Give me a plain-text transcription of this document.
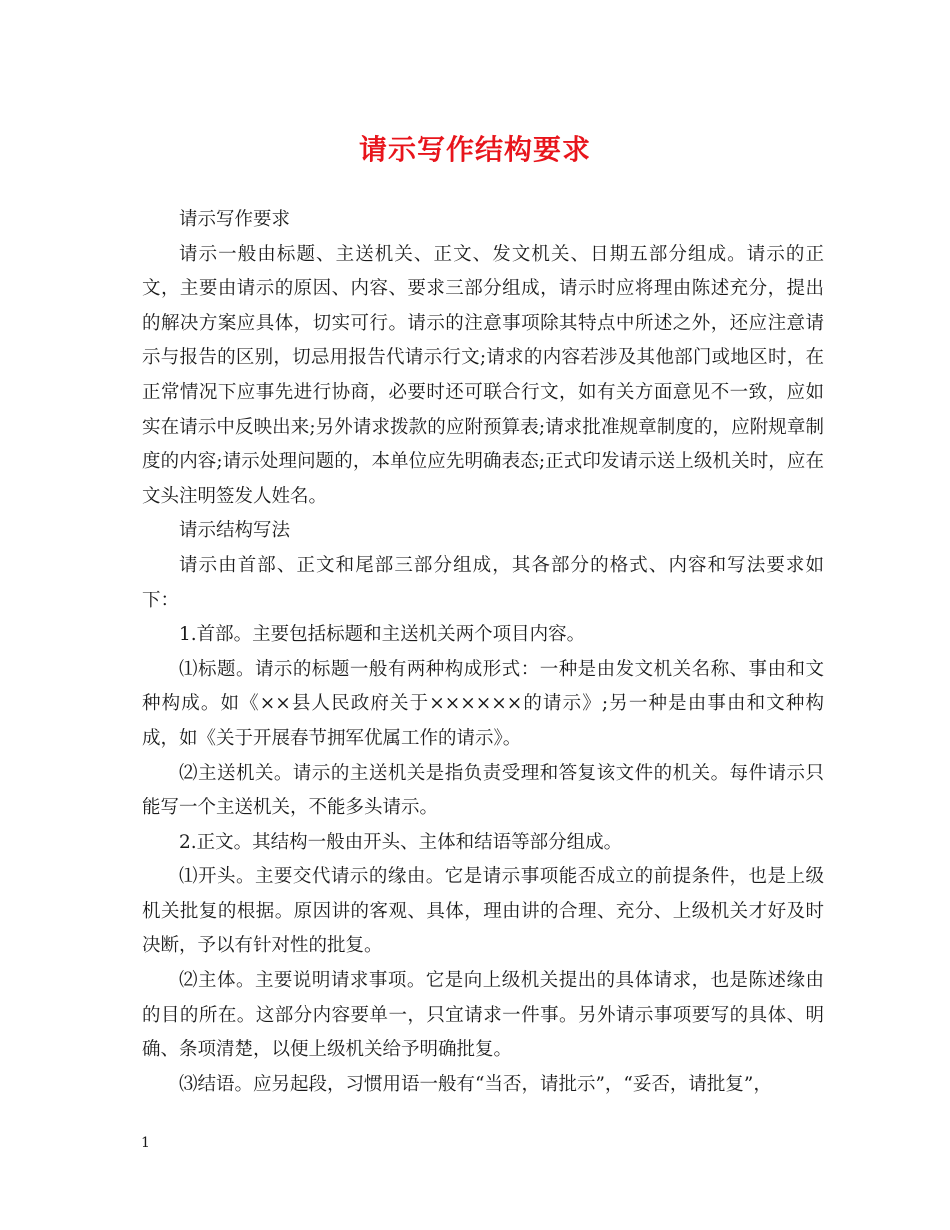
请示写作结构要求

请示写作要求

请示一般由标题、主送机关、正文、发文机关、日期五部分组成。请示的正文，主要由请示的原因、内容、要求三部分组成，请示时应将理由陈述充分，提出的解决方案应具体，切实可行。请示的注意事项除其特点中所述之外，还应注意请示与报告的区别，切忌用报告代请示行文;请求的内容若涉及其他部门或地区时，在正常情况下应事先进行协商，必要时还可联合行文，如有关方面意见不一致，应如实在请示中反映出来;另外请求拨款的应附预算表;请求批准规章制度的，应附规章制度的内容;请示处理问题的，本单位应先明确表态;正式印发请示送上级机关时，应在文头注明签发人姓名。

请示结构写法

请示由首部、正文和尾部三部分组成，其各部分的格式、内容和写法要求如下：

1.首部。主要包括标题和主送机关两个项目内容。

⑴标题。请示的标题一般有两种构成形式：一种是由发文机关名称、事由和文种构成。如《××县人民政府关于××××××的请示》;另一种是由事由和文种构成，如《关于开展春节拥军优属工作的请示》。

⑵主送机关。请示的主送机关是指负责受理和答复该文件的机关。每件请示只能写一个主送机关，不能多头请示。

2.正文。其结构一般由开头、主体和结语等部分组成。

⑴开头。主要交代请示的缘由。它是请示事项能否成立的前提条件，也是上级机关批复的根据。原因讲的客观、具体，理由讲的合理、充分、上级机关才好及时决断，予以有针对性的批复。

⑵主体。主要说明请求事项。它是向上级机关提出的具体请求，也是陈述缘由的目的所在。这部分内容要单一，只宜请求一件事。另外请示事项要写的具体、明确、条项清楚，以便上级机关给予明确批复。

⑶结语。应另起段，习惯用语一般有“当否，请批示”，“妥否，请批复”，

1
